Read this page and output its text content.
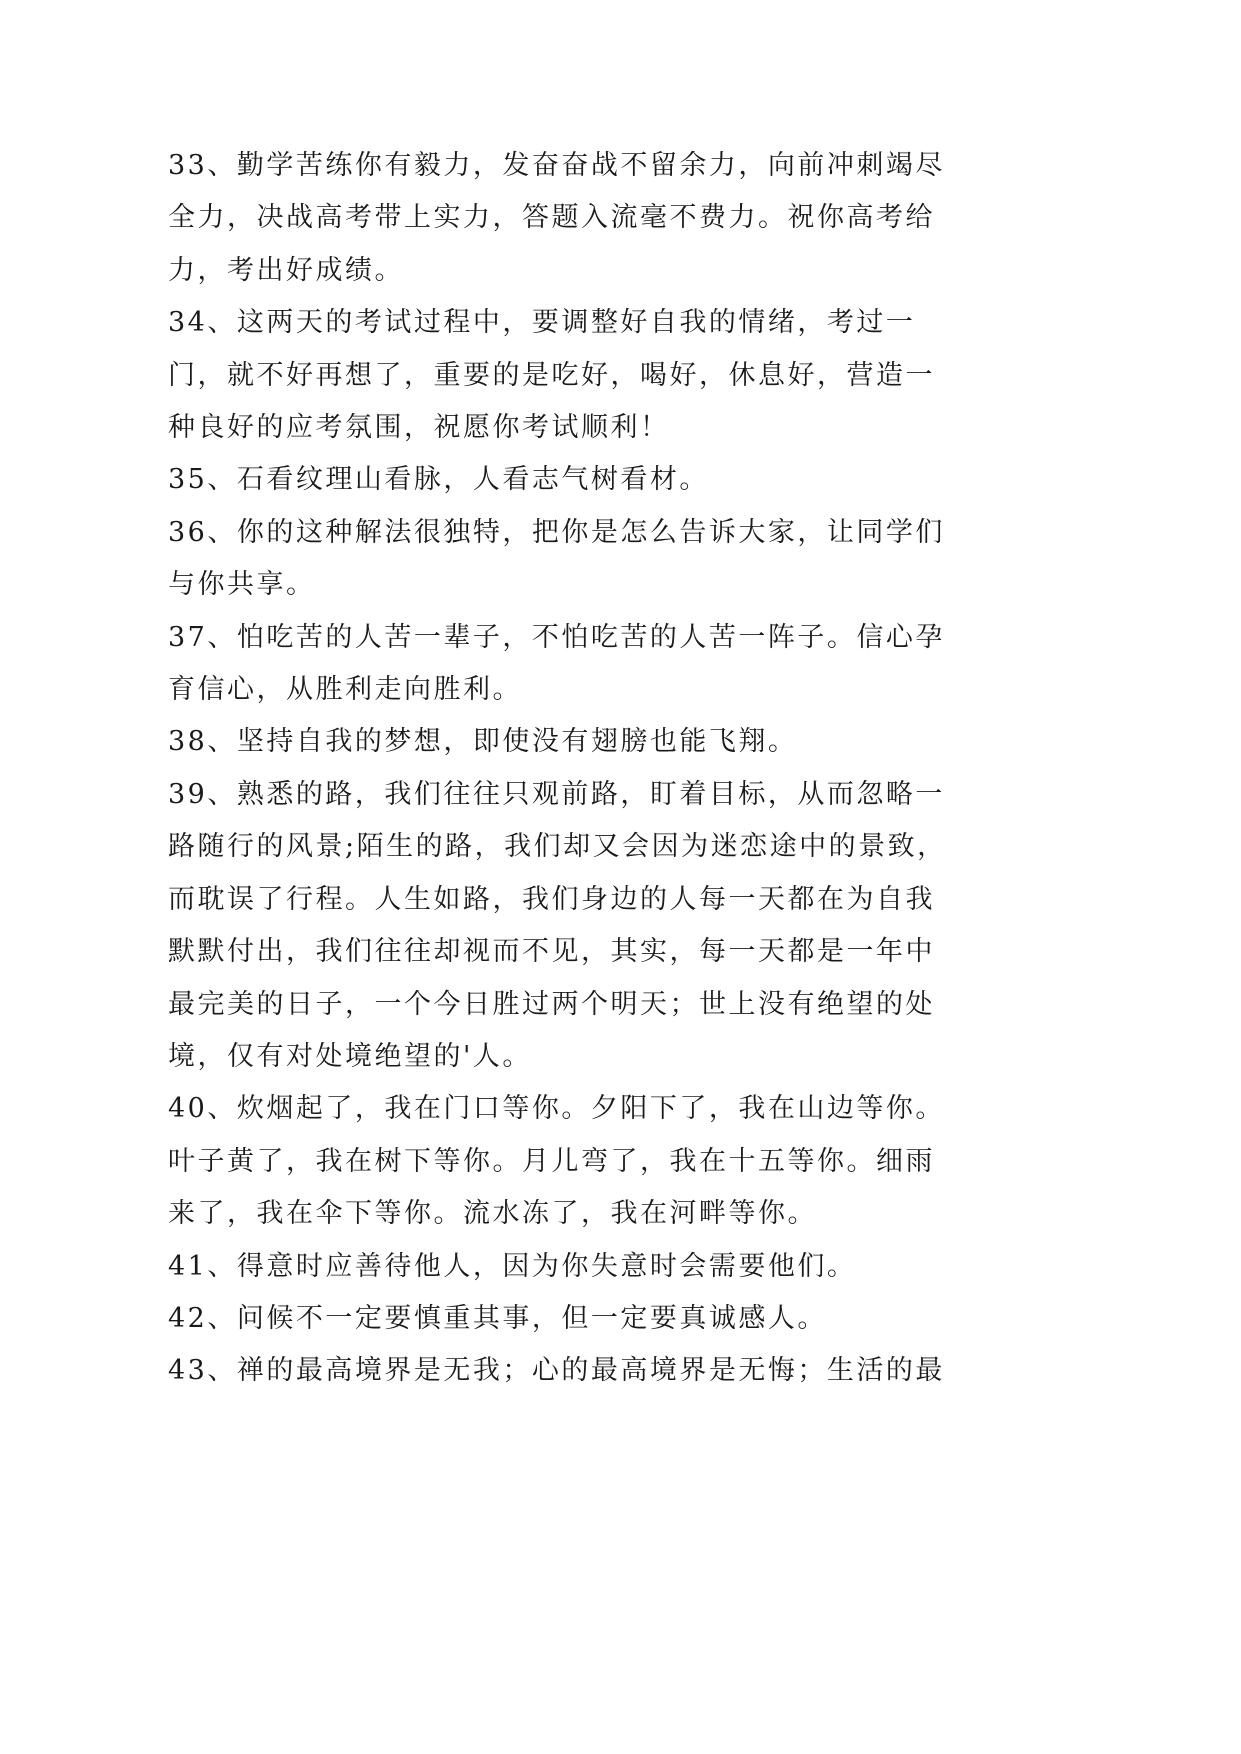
33、勤学苦练你有毅力，发奋奋战不留余力，向前冲刺竭尽全力，决战高考带上实力，答题入流毫不费力。祝你高考给力，考出好成绩。

34、这两天的考试过程中，要调整好自我的情绪，考过一门，就不好再想了，重要的是吃好，喝好，休息好，营造一种良好的应考氛围，祝愿你考试顺利！

35、石看纹理山看脉，人看志气树看材。

36、你的这种解法很独特，把你是怎么告诉大家，让同学们与你共享。

37、怕吃苦的人苦一辈子，不怕吃苦的人苦一阵子。信心孕育信心，从胜利走向胜利。

38、坚持自我的梦想，即使没有翅膀也能飞翔。

39、熟悉的路，我们往往只观前路，盯着目标，从而忽略一路随行的风景;陌生的路，我们却又会因为迷恋途中的景致，而耽误了行程。人生如路，我们身边的人每一天都在为自我默默付出，我们往往却视而不见，其实，每一天都是一年中最完美的日子，一个今日胜过两个明天；世上没有绝望的处境，仅有对处境绝望的'人。

40、炊烟起了，我在门口等你。夕阳下了，我在山边等你。叶子黄了，我在树下等你。月儿弯了，我在十五等你。细雨来了，我在伞下等你。流水冻了，我在河畔等你。

41、得意时应善待他人，因为你失意时会需要他们。

42、问候不一定要慎重其事，但一定要真诚感人。

43、禅的最高境界是无我；心的最高境界是无悔；生活的最
